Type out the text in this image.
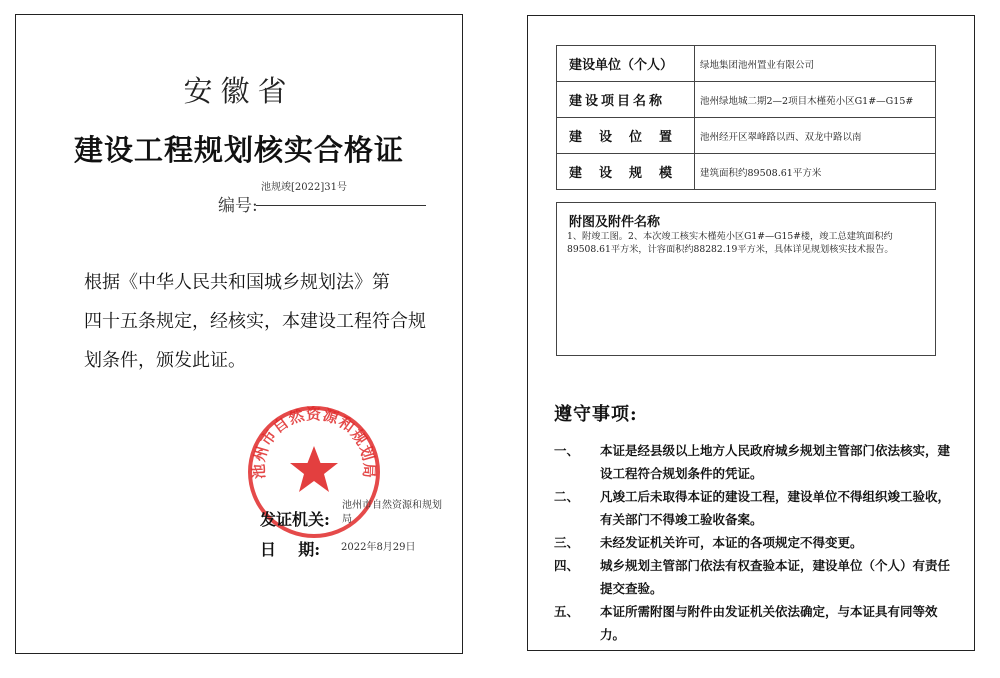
安徽省
建设工程规划核实合格证
池规竣[2022]31号
编号:
根据《中华人民共和国城乡规划法》第
四十五条规定，经核实，本建设工程符合规
划条件，颁发此证。
池州市自然资源和规划局
发证机关:
池州市自然资源和规划局
日    期: 2022年8月29日
建设单位（个人）	绿地集团池州置业有限公司
建设项目名称	池州绿地城二期2—2项目木槿苑小区G1#—G15#
建设位置	池州经开区翠峰路以西、双龙中路以南
建设规模	建筑面积约89508.61平方米
附图及附件名称
1、附竣工图。2、本次竣工核实木槿苑小区G1#—G15#楼，竣工总建筑面积约89508.61平方米，计容面积约88282.19平方米，具体详见规划核实技术报告。
遵守事项:
一、 本证是经县级以上地方人民政府城乡规划主管部门依法核实，建设工程符合规划条件的凭证。
二、 凡竣工后未取得本证的建设工程，建设单位不得组织竣工验收，有关部门不得竣工验收备案。
三、 未经发证机关许可，本证的各项规定不得变更。
四、 城乡规划主管部门依法有权查验本证，建设单位（个人）有责任提交查验。
五、 本证所需附图与附件由发证机关依法确定，与本证具有同等效力。
